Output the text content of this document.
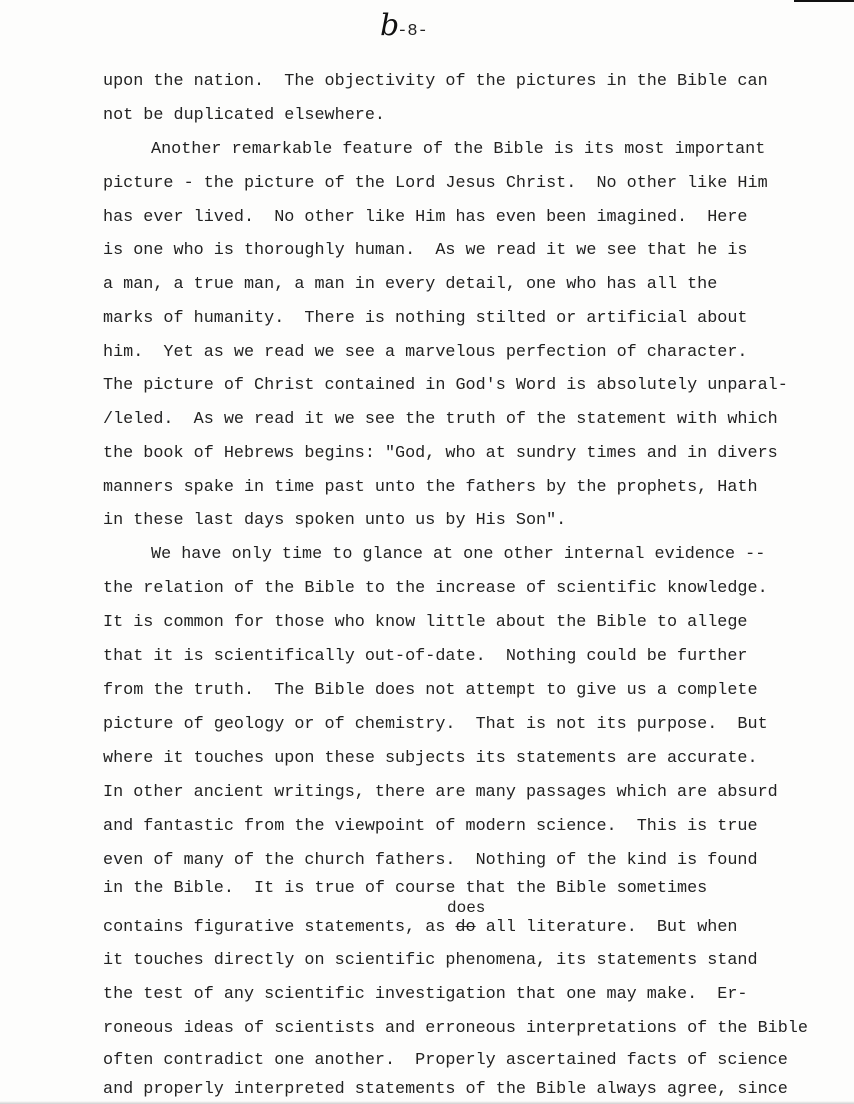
b-8-
upon the nation.  The objectivity of the pictures in the Bible can
not be duplicated elsewhere.
Another remarkable feature of the Bible is its most important
picture - the picture of the Lord Jesus Christ.  No other like Him
has ever lived.  No other like Him has even been imagined.  Here
is one who is thoroughly human.  As we read it we see that he is
a man, a true man, a man in every detail, one who has all the
marks of humanity.  There is nothing stilted or artificial about
him.  Yet as we read we see a marvelous perfection of character.
The picture of Christ contained in God's Word is absolutely unparal-
/leled.  As we read it we see the truth of the statement with which
the book of Hebrews begins: "God, who at sundry times and in divers
manners spake in time past unto the fathers by the prophets, Hath
in these last days spoken unto us by His Son".
We have only time to glance at one other internal evidence --
the relation of the Bible to the increase of scientific knowledge.
It is common for those who know little about the Bible to allege
that it is scientifically out-of-date.  Nothing could be further
from the truth.  The Bible does not attempt to give us a complete
picture of geology or of chemistry.  That is not its purpose.  But
where it touches upon these subjects its statements are accurate.
In other ancient writings, there are many passages which are absurd
and fantastic from the viewpoint of modern science.  This is true
even of many of the church fathers.  Nothing of the kind is found
in the Bible.  It is true of course that the Bible sometimes
contains figurative statements, as do all literature.  But when
it touches directly on scientific phenomena, its statements stand
the test of any scientific investigation that one may make.  Er-
roneous ideas of scientists and erroneous interpretations of the Bible
often contradict one another.  Properly ascertained facts of science
and properly interpreted statements of the Bible always agree, since
does
